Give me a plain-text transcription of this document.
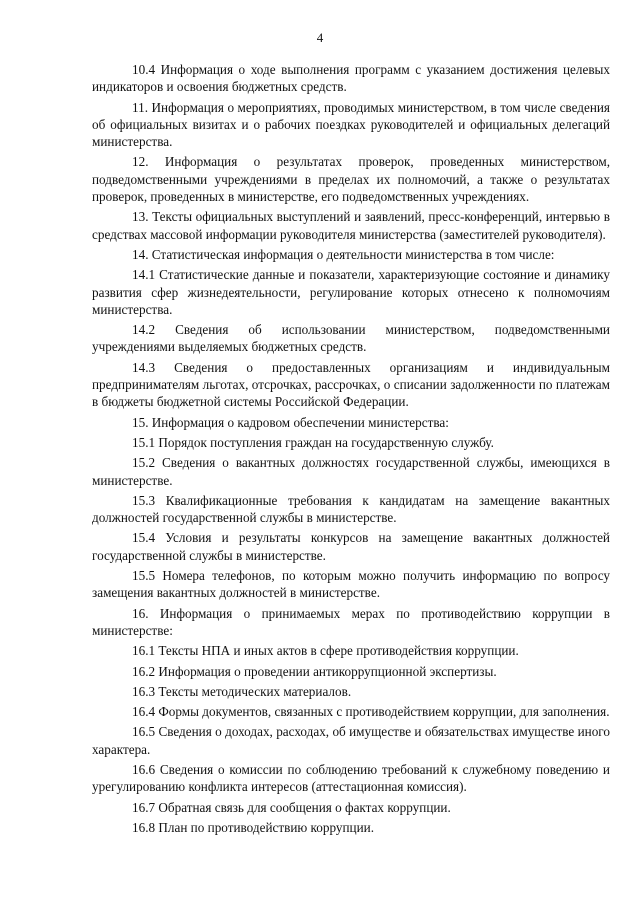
4

10.4 Информация о ходе выполнения программ с указанием достижения целевых индикаторов и освоения бюджетных средств.

11. Информация о мероприятиях, проводимых министерством, в том числе сведения об официальных визитах и о рабочих поездках руководителей и официальных делегаций министерства.

12. Информация о результатах проверок, проведенных министерством, подведомственными учреждениями в пределах их полномочий, а также о результатах проверок, проведенных в министерстве, его подведомственных учреждениях.

13. Тексты официальных выступлений и заявлений, пресс-конференций, интервью в средствах массовой информации руководителя министерства (заместителей руководителя).

14. Статистическая информация о деятельности министерства в том числе:

14.1 Статистические данные и показатели, характеризующие состояние и динамику развития сфер жизнедеятельности, регулирование которых отнесено к полномочиям министерства.

14.2 Сведения об использовании министерством, подведомственными учреждениями выделяемых бюджетных средств.

14.3 Сведения о предоставленных организациям и индивидуальным предпринимателям льготах, отсрочках, рассрочках, о списании задолженности по платежам в бюджеты бюджетной системы Российской Федерации.

15. Информация о кадровом обеспечении министерства:

15.1 Порядок поступления граждан на государственную службу.

15.2 Сведения о вакантных должностях государственной службы, имеющихся в министерстве.

15.3 Квалификационные требования к кандидатам на замещение вакантных должностей государственной службы в министерстве.

15.4 Условия и результаты конкурсов на замещение вакантных должностей государственной службы в министерстве.

15.5 Номера телефонов, по которым можно получить информацию по вопросу замещения вакантных должностей в министерстве.

16. Информация о принимаемых мерах по противодействию коррупции в министерстве:

16.1 Тексты НПА и иных актов в сфере противодействия коррупции.

16.2 Информация о проведении антикоррупционной экспертизы.

16.3 Тексты методических материалов.

16.4 Формы документов, связанных с противодействием коррупции, для заполнения.

16.5 Сведения о доходах, расходах, об имуществе и обязательствах имуществе иного характера.

16.6 Сведения о комиссии по соблюдению требований к служебному поведению и урегулированию конфликта интересов (аттестационная комиссия).

16.7 Обратная связь для сообщения о фактах коррупции.

16.8 План по противодействию коррупции.
